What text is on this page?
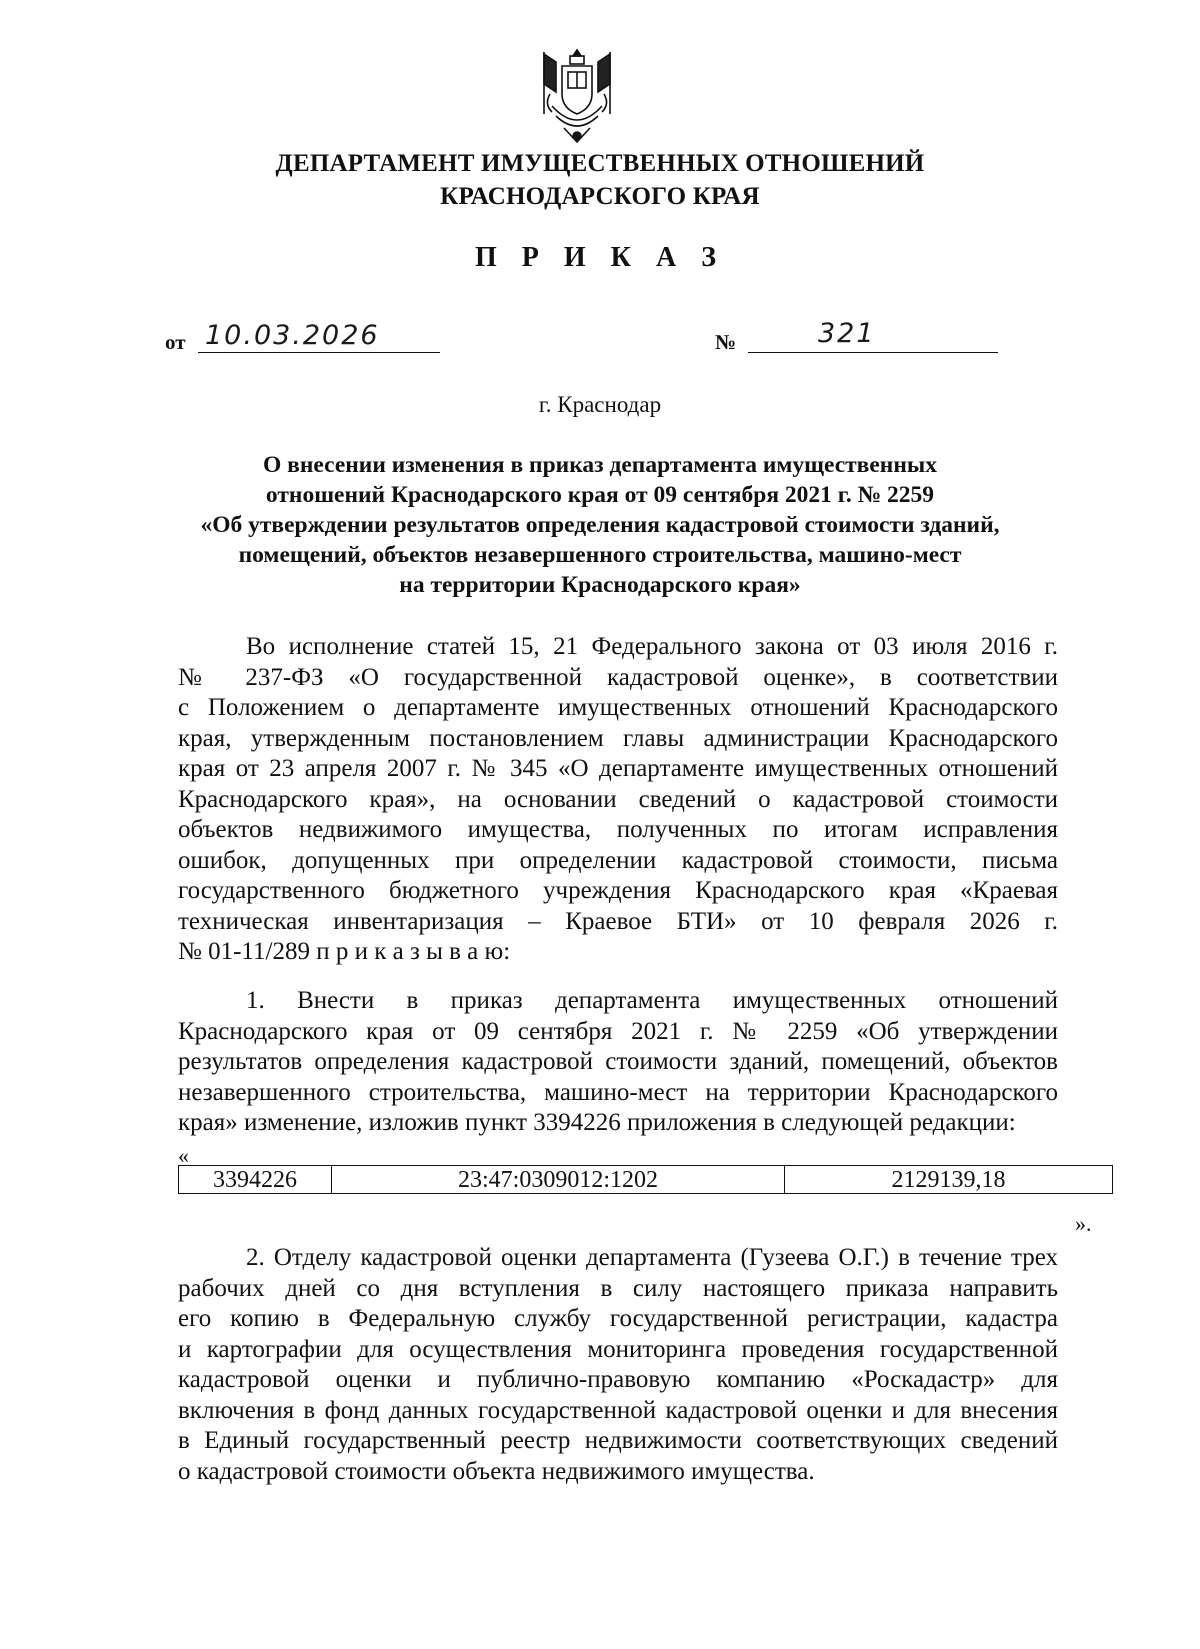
ДЕПАРТАМЕНТ ИМУЩЕСТВЕННЫХ ОТНОШЕНИЙ
КРАСНОДАРСКОГО КРАЯ
П Р И К А З
от 10.03.2026	№	321
г. Краснодар
О внесении изменения в приказ департамента имущественных
отношений Краснодарского края от 09 сентября 2021 г. № 2259
«Об утверждении результатов определения кадастровой стоимости зданий,
помещений, объектов незавершенного строительства, машино-мест
на территории Краснодарского края»
Во исполнение статей 15, 21 Федерального закона от 03 июля 2016 г.
№ 237-ФЗ «О государственной кадастровой оценке», в соответствии
с Положением о департаменте имущественных отношений Краснодарского
края, утвержденным постановлением главы администрации Краснодарского
края от 23 апреля 2007 г. № 345 «О департаменте имущественных отношений
Краснодарского края», на основании сведений о кадастровой стоимости
объектов недвижимого имущества, полученных по итогам исправления
ошибок, допущенных при определении кадастровой стоимости, письма
государственного бюджетного учреждения Краснодарского края «Краевая
техническая инвентаризация – Краевое БТИ» от 10 февраля 2026 г.
№ 01-11/289 п р и к а з ы в а ю:
1. Внести в приказ департамента имущественных отношений
Краснодарского края от 09 сентября 2021 г. № 2259 «Об утверждении
результатов определения кадастровой стоимости зданий, помещений, объектов
незавершенного строительства, машино-мест на территории Краснодарского
края» изменение, изложив пункт 3394226 приложения в следующей редакции:
«
3394226	23:47:0309012:1202	2129139,18
».
2. Отделу кадастровой оценки департамента (Гузеева О.Г.) в течение трех
рабочих дней со дня вступления в силу настоящего приказа направить
его копию в Федеральную службу государственной регистрации, кадастра
и картографии для осуществления мониторинга проведения государственной
кадастровой оценки и публично-правовую компанию «Роскадастр» для
включения в фонд данных государственной кадастровой оценки и для внесения
в Единый государственный реестр недвижимости соответствующих сведений
о кадастровой стоимости объекта недвижимого имущества.
